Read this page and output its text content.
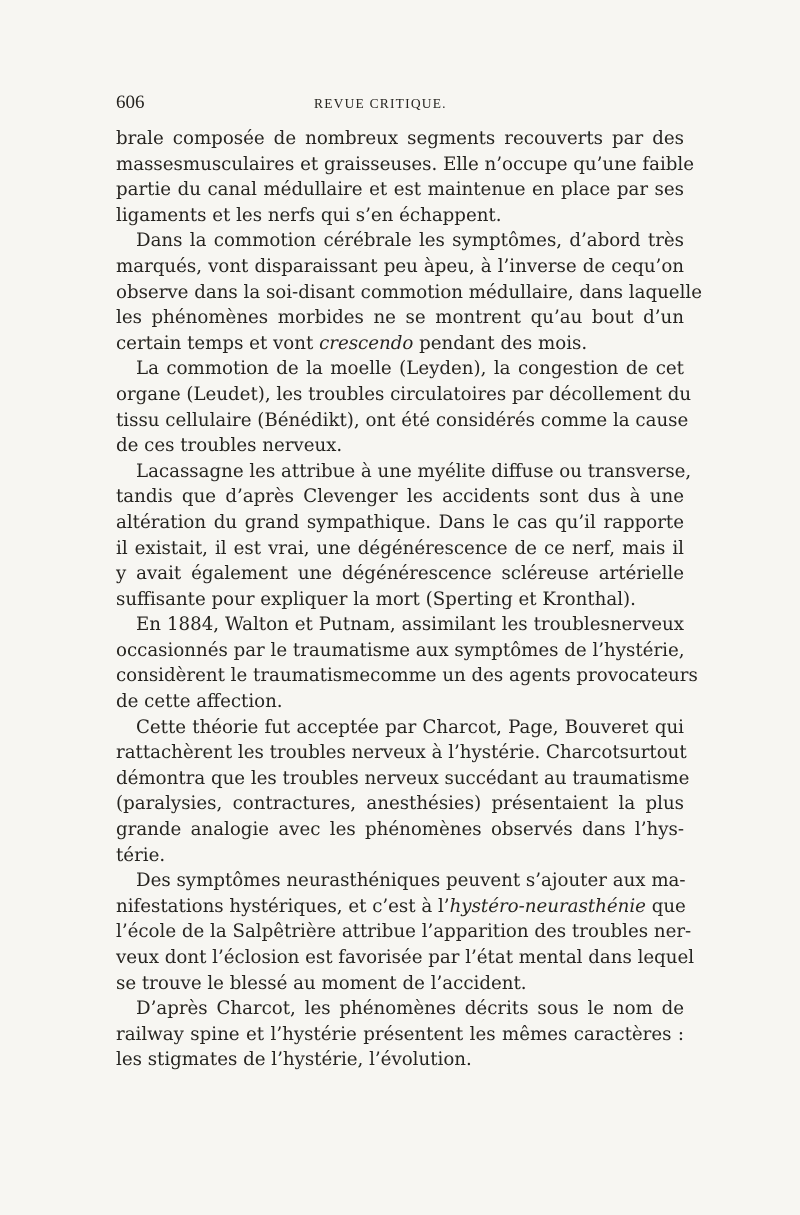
606	REVUE CRITIQUE.
brale composée de nombreux segments recouverts par des
massesmusculaires et graisseuses. Elle n’occupe qu’une faible
partie du canal médullaire et est maintenue en place par ses
ligaments et les nerfs qui s’en échappent.
Dans la commotion cérébrale les symptômes, d’abord très
marqués, vont disparaissant peu àpeu, à l’inverse de cequ’on
observe dans la soi-disant commotion médullaire, dans laquelle
les phénomènes morbides ne se montrent qu’au bout d’un
certain temps et vont crescendo pendant des mois.
La commotion de la moelle (Leyden), la congestion de cet
organe (Leudet), les troubles circulatoires par décollement du
tissu cellulaire (Bénédikt), ont été considérés comme la cause
de ces troubles nerveux.
Lacassagne les attribue à une myélite diffuse ou transverse,
tandis que d’après Clevenger les accidents sont dus à une
altération du grand sympathique. Dans le cas qu’il rapporte
il existait, il est vrai, une dégénérescence de ce nerf, mais il
y avait également une dégénérescence scléreuse artérielle
suffisante pour expliquer la mort (Sperting et Kronthal).
En 1884, Walton et Putnam, assimilant les troublesnerveux
occasionnés par le traumatisme aux symptômes de l’hystérie,
considèrent le traumatismecomme un des agents provocateurs
de cette affection.
Cette théorie fut acceptée par Charcot, Page, Bouveret qui
rattachèrent les troubles nerveux à l’hystérie. Charcotsurtout
démontra que les troubles nerveux succédant au traumatisme
(paralysies, contractures, anesthésies) présentaient la plus
grande analogie avec les phénomènes observés dans l’hys-
térie.
Des symptômes neurasthéniques peuvent s’ajouter aux ma-
nifestations hystériques, et c’est à l’hystéro-neurasthénie que
l’école de la Salpêtrière attribue l’apparition des troubles ner-
veux dont l’éclosion est favorisée par l’état mental dans lequel
se trouve le blessé au moment de l’accident.
D’après Charcot, les phénomènes décrits sous le nom de
railway spine et l’hystérie présentent les mêmes caractères :
les stigmates de l’hystérie, l’évolution.
